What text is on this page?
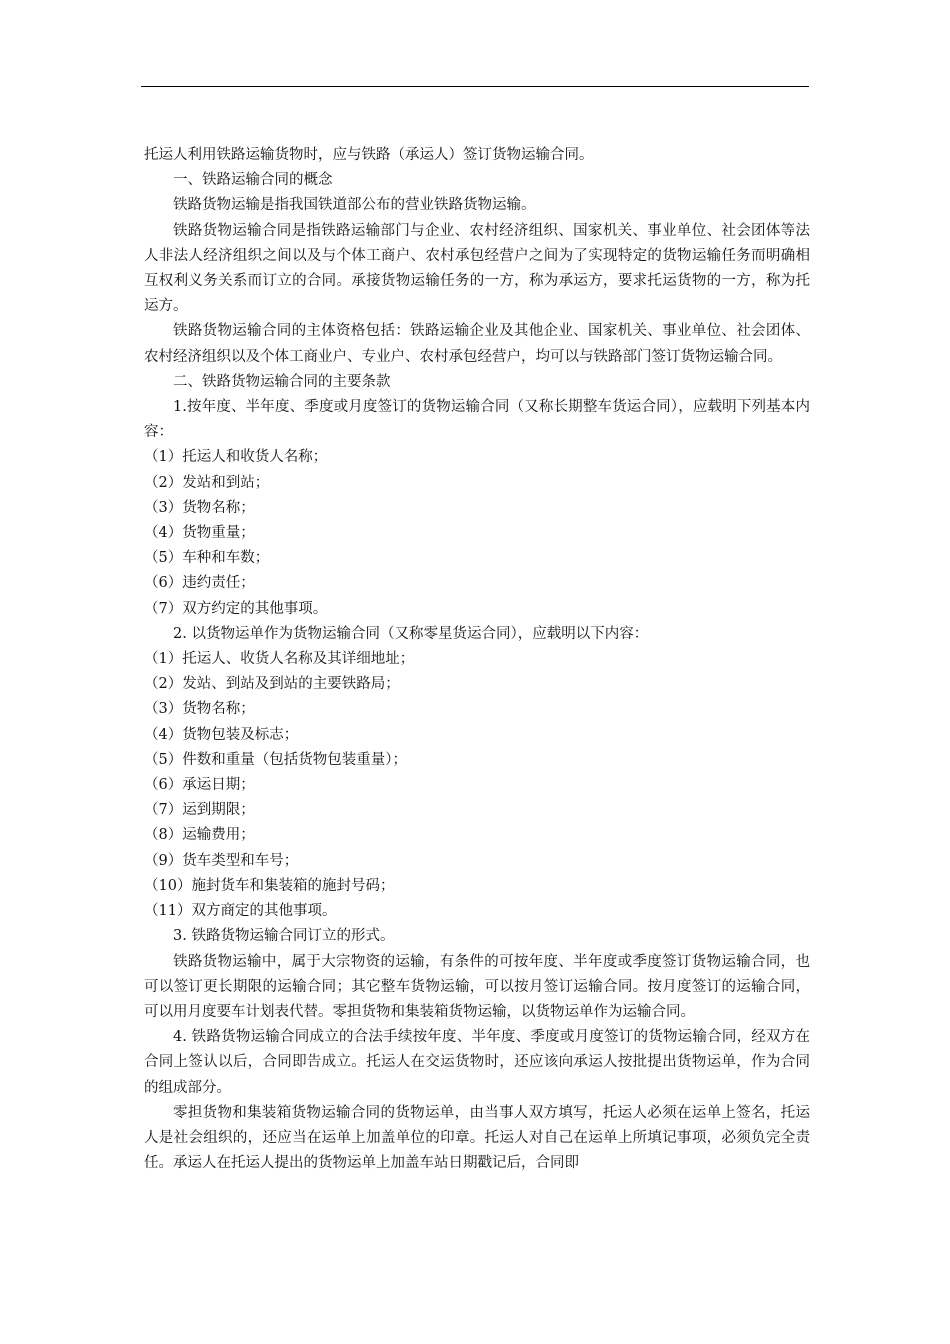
托运人利用铁路运输货物时，应与铁路（承运人）签订货物运输合同。

一、铁路运输合同的概念

铁路货物运输是指我国铁道部公布的营业铁路货物运输。

铁路货物运输合同是指铁路运输部门与企业、农村经济组织、国家机关、事业单位、社会团体等法人非法人经济组织之间以及与个体工商户、农村承包经营户之间为了实现特定的货物运输任务而明确相互权利义务关系而订立的合同。承接货物运输任务的一方，称为承运方，要求托运货物的一方，称为托运方。

铁路货物运输合同的主体资格包括：铁路运输企业及其他企业、国家机关、事业单位、社会团体、农村经济组织以及个体工商业户、专业户、农村承包经营户，均可以与铁路部门签订货物运输合同。

二、铁路货物运输合同的主要条款

1.按年度、半年度、季度或月度签订的货物运输合同（又称长期整车货运合同），应载明下列基本内容：

（1）托运人和收货人名称；

（2）发站和到站；

（3）货物名称；

（4）货物重量；

（5）车种和车数；

（6）违约责任；

（7）双方约定的其他事项。

2. 以货物运单作为货物运输合同（又称零星货运合同），应载明以下内容：

（1）托运人、收货人名称及其详细地址；

（2）发站、到站及到站的主要铁路局；

（3）货物名称；

（4）货物包装及标志；

（5）件数和重量（包括货物包装重量）；

（6）承运日期；

（7）运到期限；

（8）运输费用；

（9）货车类型和车号；

（10）施封货车和集装箱的施封号码；

（11）双方商定的其他事项。

3. 铁路货物运输合同订立的形式。

铁路货物运输中，属于大宗物资的运输，有条件的可按年度、半年度或季度签订货物运输合同，也可以签订更长期限的运输合同；其它整车货物运输，可以按月签订运输合同。按月度签订的运输合同，可以用月度要车计划表代替。零担货物和集装箱货物运输，以货物运单作为运输合同。

4. 铁路货物运输合同成立的合法手续按年度、半年度、季度或月度签订的货物运输合同，经双方在合同上签认以后，合同即告成立。托运人在交运货物时，还应该向承运人按批提出货物运单，作为合同的组成部分。

零担货物和集装箱货物运输合同的货物运单，由当事人双方填写，托运人必须在运单上签名，托运人是社会组织的，还应当在运单上加盖单位的印章。托运人对自己在运单上所填记事项，必须负完全责任。承运人在托运人提出的货物运单上加盖车站日期戳记后，合同即
